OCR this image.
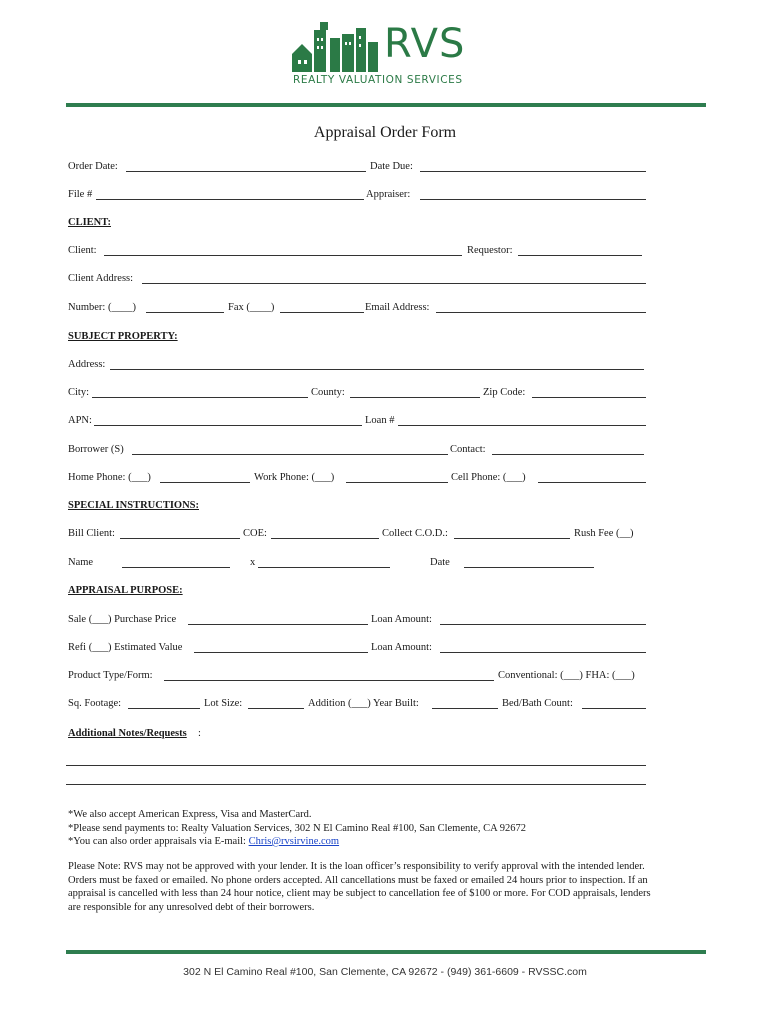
RVS
REALTY VALUATION SERVICES
Appraisal Order Form
Order Date:	Date Due:
File #	Appraiser:
CLIENT:
Client:	Requestor:
Client Address:
Number: (____)	Fax (____)	Email Address:
SUBJECT PROPERTY:
Address:
City:	County:	Zip Code:
APN:	Loan #
Borrower (S)	Contact:
Home Phone: (___)	Work Phone: (___)	Cell Phone: (___)
SPECIAL INSTRUCTIONS:
Bill Client:	COE:	Collect C.O.D.:	Rush Fee (__)
Name	x	Date
APPRAISAL PURPOSE:
Sale (___) Purchase Price	Loan Amount:
Refi (___) Estimated Value	Loan Amount:
Product Type/Form:	Conventional: (___) FHA: (___)
Sq. Footage:	Lot Size:	Addition (___) Year Built:	Bed/Bath Count:
Additional Notes/Requests :
*We also accept American Express, Visa and MasterCard.
*Please send payments to: Realty Valuation Services, 302 N El Camino Real #100, San Clemente, CA 92672
*You can also order appraisals via E-mail: Chris@rvsirvine.com
Please Note: RVS may not be approved with your lender. It is the loan officer’s responsibility to verify approval with the intended lender. Orders must be faxed or emailed. No phone orders accepted. All cancellations must be faxed or emailed 24 hours prior to inspection. If an appraisal is cancelled with less than 24 hour notice, client may be subject to cancellation fee of $100 or more. For COD appraisals, lenders are responsible for any unresolved debt of their borrowers.
302 N El Camino Real #100, San Clemente, CA 92672 - (949) 361-6609 - RVSSC.com
